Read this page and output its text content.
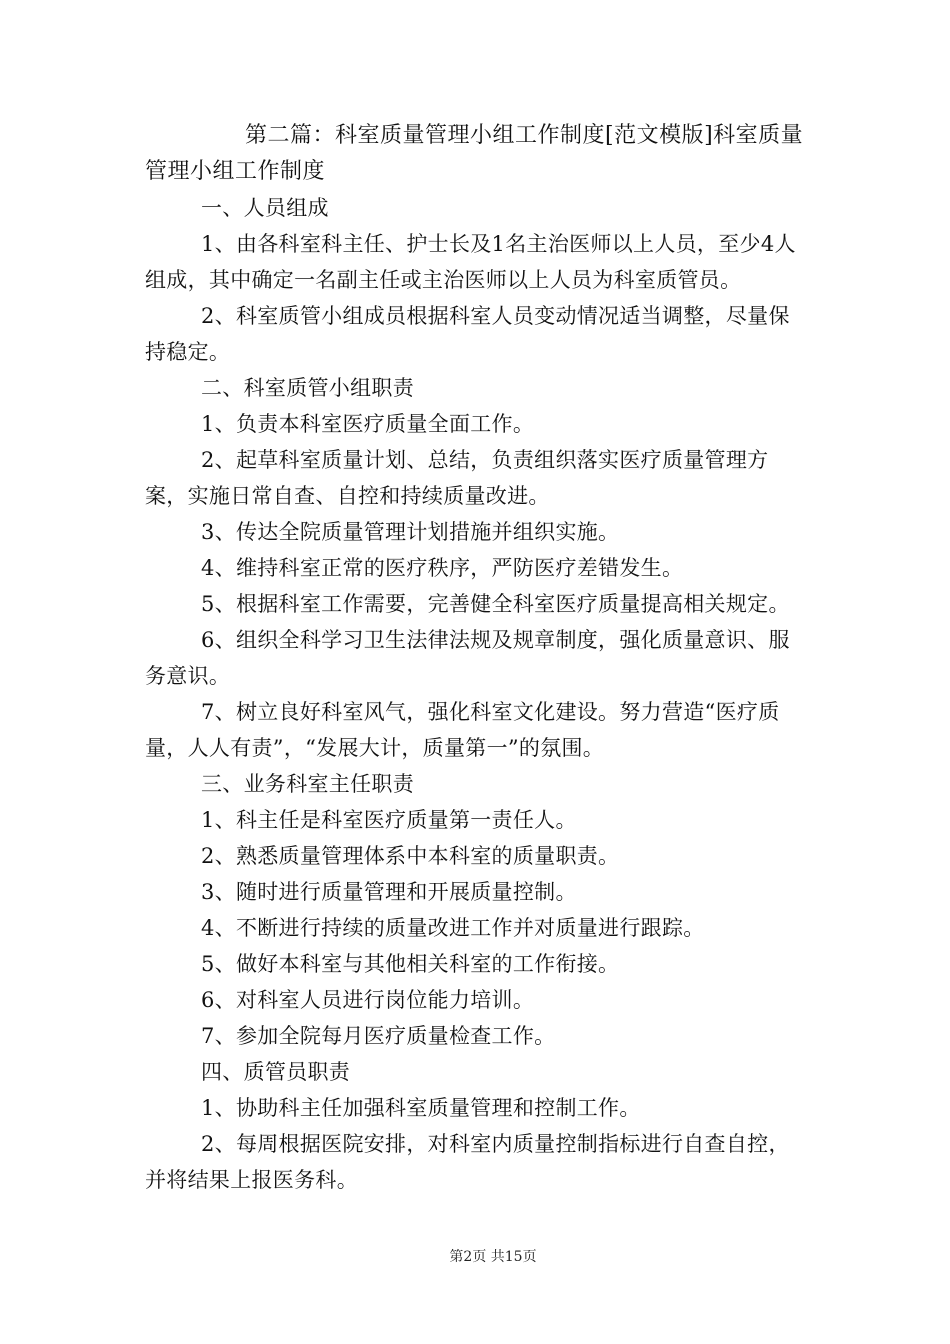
第二篇：科室质量管理小组工作制度[范文模版]科室质量管理小组工作制度

一、人员组成

1、由各科室科主任、护士长及1名主治医师以上人员，至少4人组成，其中确定一名副主任或主治医师以上人员为科室质管员。

2、科室质管小组成员根据科室人员变动情况适当调整，尽量保持稳定。

二、科室质管小组职责

1、负责本科室医疗质量全面工作。

2、起草科室质量计划、总结，负责组织落实医疗质量管理方案，实施日常自查、自控和持续质量改进。

3、传达全院质量管理计划措施并组织实施。

4、维持科室正常的医疗秩序，严防医疗差错发生。

5、根据科室工作需要，完善健全科室医疗质量提高相关规定。

6、组织全科学习卫生法律法规及规章制度，强化质量意识、服务意识。

7、树立良好科室风气，强化科室文化建设。努力营造“医疗质量，人人有责”，“发展大计，质量第一”的氛围。

三、业务科室主任职责

1、科主任是科室医疗质量第一责任人。

2、熟悉质量管理体系中本科室的质量职责。

3、随时进行质量管理和开展质量控制。

4、不断进行持续的质量改进工作并对质量进行跟踪。

5、做好本科室与其他相关科室的工作衔接。

6、对科室人员进行岗位能力培训。

7、参加全院每月医疗质量检查工作。

四、质管员职责

1、协助科主任加强科室质量管理和控制工作。

2、每周根据医院安排，对科室内质量控制指标进行自查自控，并将结果上报医务科。

第2页 共15页
